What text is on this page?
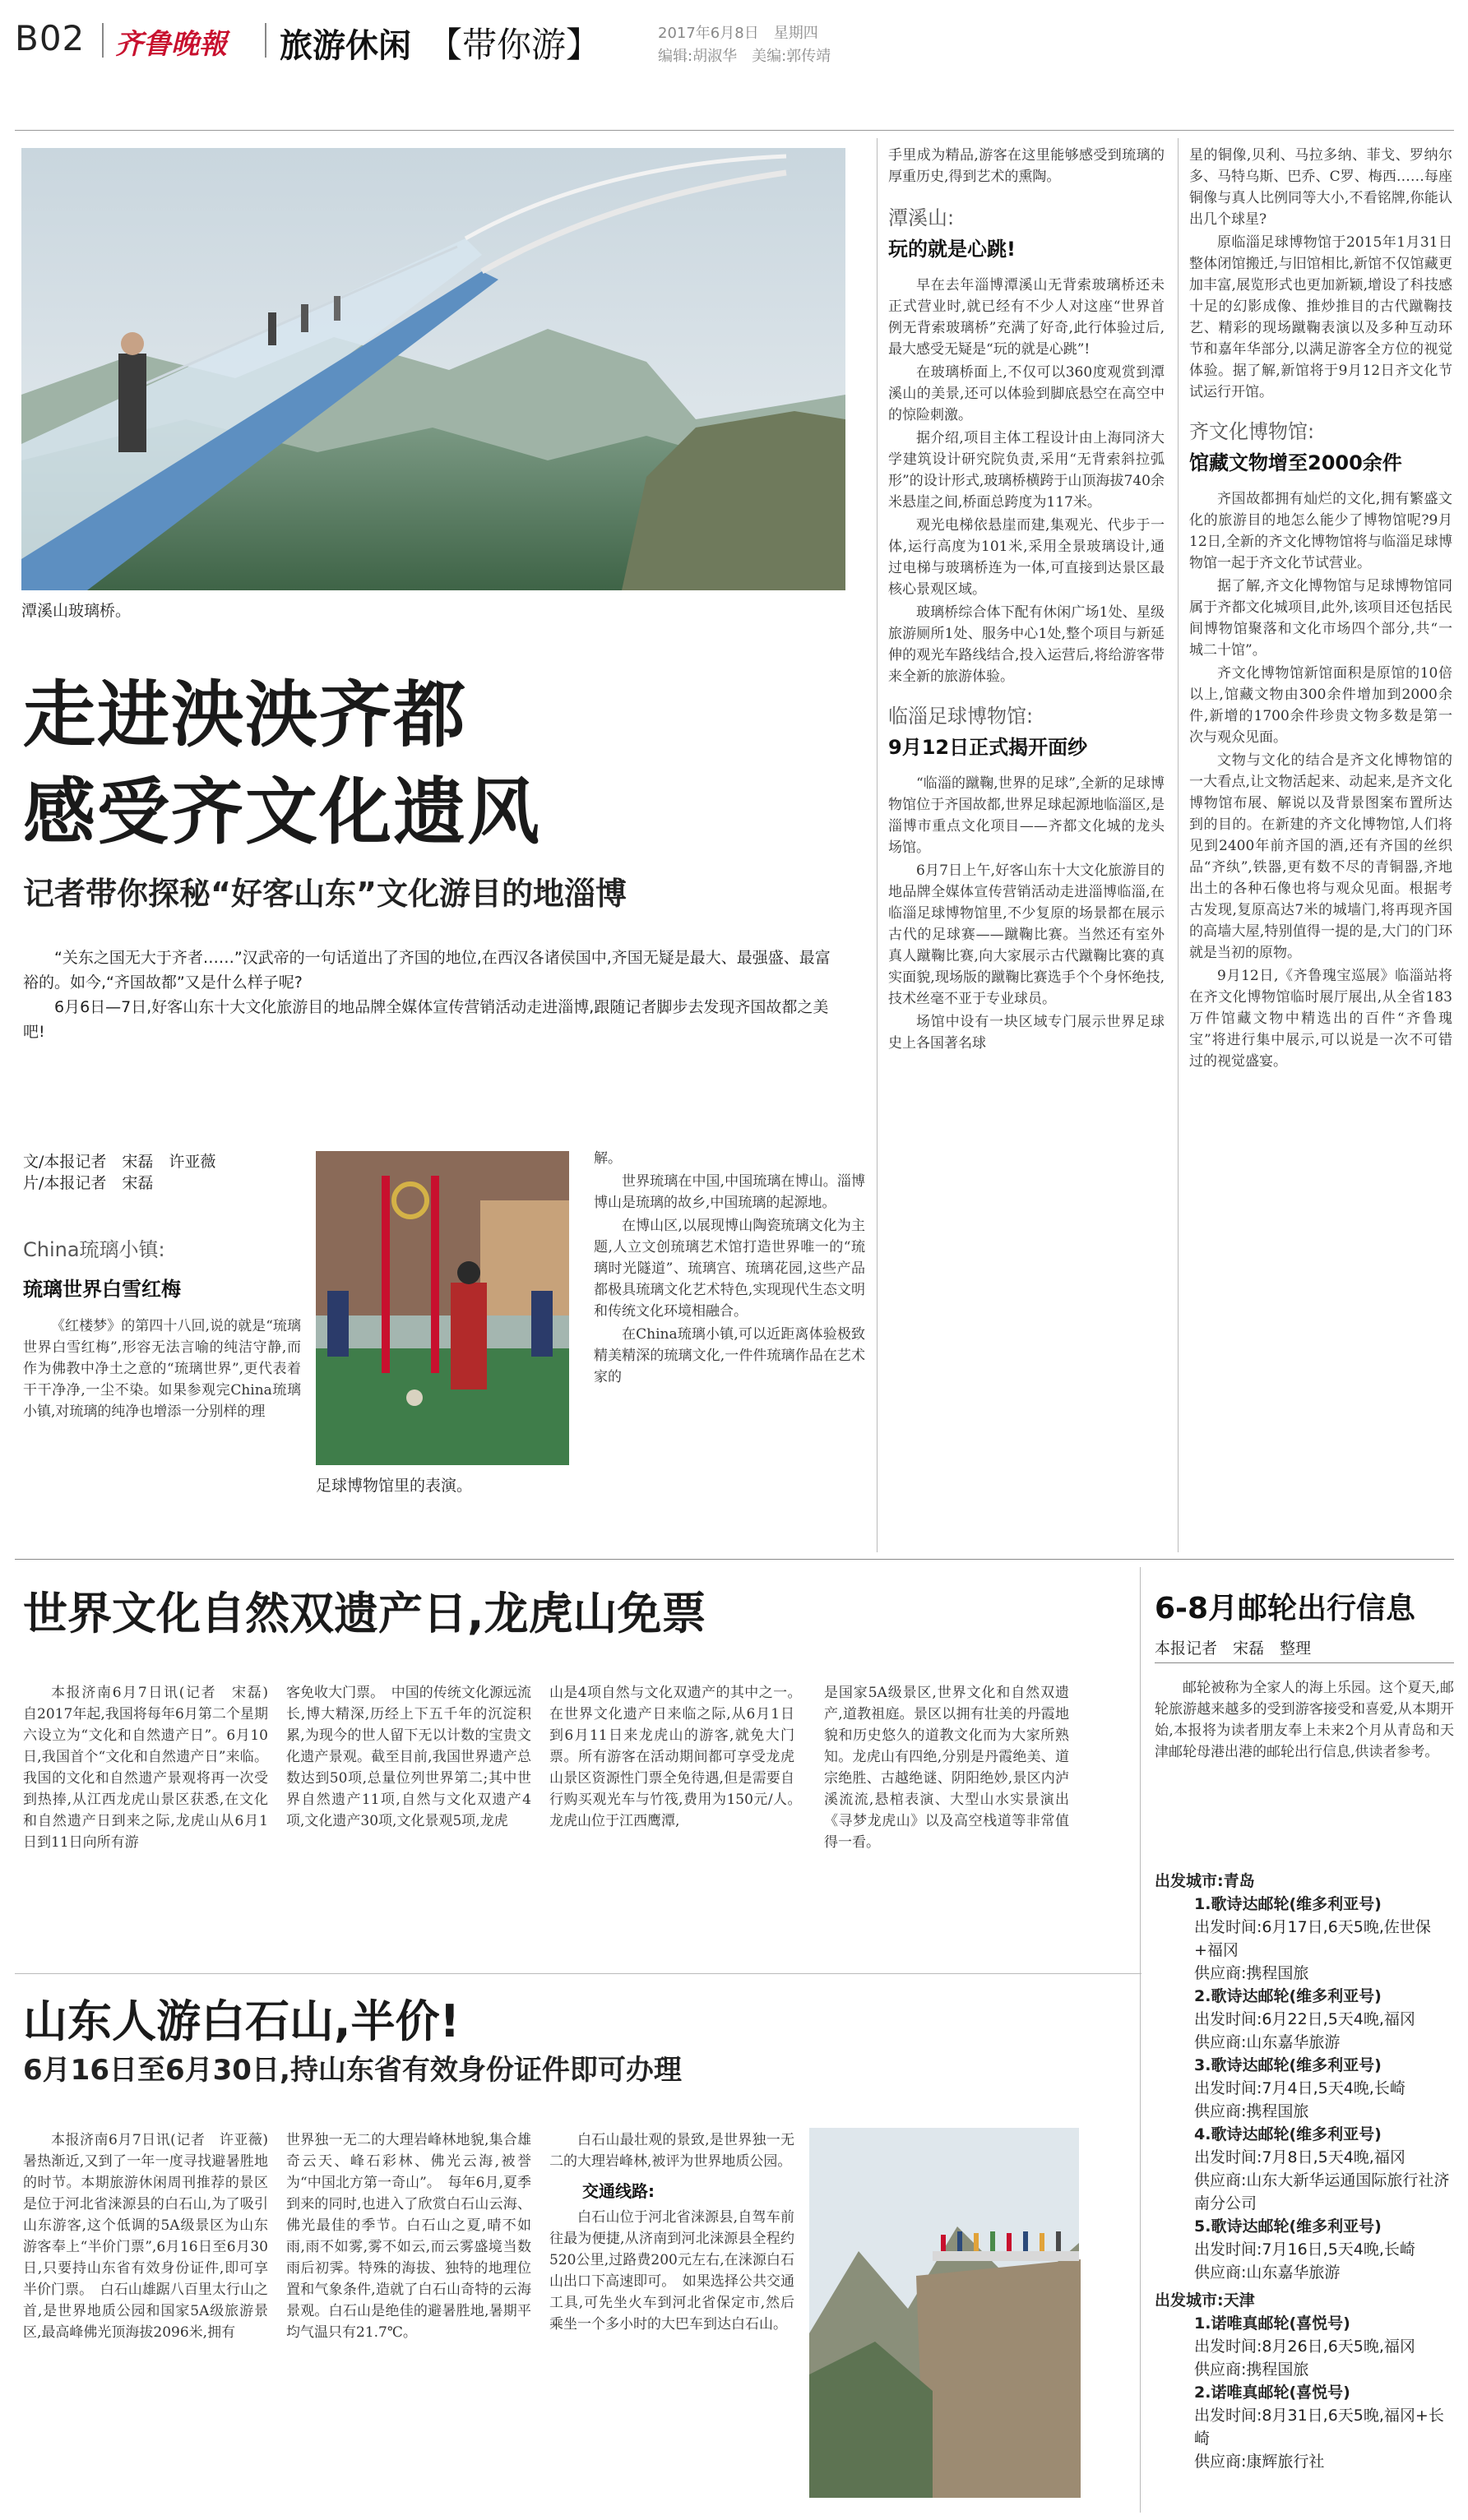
B02 齐鲁晚報 旅游休闲 【带你游】	2017年6月8日　星期四
编辑:胡淑华　美编:郭传靖
潭溪山玻璃桥。
走进泱泱齐都
感受齐文化遗风
记者带你探秘“好客山东”文化游目的地淄博

“关东之国无大于齐者……”汉武帝的一句话道出了齐国的地位,在西汉各诸侯国中,齐国无疑是最大、最强盛、最富裕的。如今,“齐国故都”又是什么样子呢?

6月6日—7日,好客山东十大文化旅游目的地品牌全媒体宣传营销活动走进淄博,跟随记者脚步去发现齐国故都之美吧!

文/本报记者　宋磊　许亚薇
片/本报记者　宋磊
China琉璃小镇:
琉璃世界白雪红梅

《红楼梦》的第四十八回,说的就是“琉璃世界白雪红梅”,形容无法言喻的纯洁守静,而作为佛教中净土之意的“琉璃世界”,更代表着干干净净,一尘不染。如果参观完China琉璃小镇,对琉璃的纯净也增添一分别样的理

足球博物馆里的表演。

解。

世界琉璃在中国,中国琉璃在博山。淄博博山是琉璃的故乡,中国琉璃的起源地。

在博山区,以展现博山陶瓷琉璃文化为主题,人立文创琉璃艺术馆打造世界唯一的“琉璃时光隧道”、琉璃宫、琉璃花园,这些产品都极具琉璃文化艺术特色,实现现代生态文明和传统文化环境相融合。

在China琉璃小镇,可以近距离体验极致精美精深的琉璃文化,一件件琉璃作品在艺术家的

手里成为精品,游客在这里能够感受到琉璃的厚重历史,得到艺术的熏陶。

潭溪山:
玩的就是心跳!

早在去年淄博潭溪山无背索玻璃桥还未正式营业时,就已经有不少人对这座“世界首例无背索玻璃桥”充满了好奇,此行体验过后,最大感受无疑是“玩的就是心跳”!

在玻璃桥面上,不仅可以360度观赏到潭溪山的美景,还可以体验到脚底悬空在高空中的惊险刺激。

据介绍,项目主体工程设计由上海同济大学建筑设计研究院负责,采用“无背索斜拉弧形”的设计形式,玻璃桥横跨于山顶海拔740余米悬崖之间,桥面总跨度为117米。

观光电梯依悬崖而建,集观光、代步于一体,运行高度为101米,采用全景玻璃设计,通过电梯与玻璃桥连为一体,可直接到达景区最核心景观区域。

玻璃桥综合体下配有休闲广场1处、星级旅游厕所1处、服务中心1处,整个项目与新延伸的观光车路线结合,投入运营后,将给游客带来全新的旅游体验。

临淄足球博物馆:
9月12日正式揭开面纱

“临淄的蹴鞠,世界的足球”,全新的足球博物馆位于齐国故都,世界足球起源地临淄区,是淄博市重点文化项目——齐都文化城的龙头场馆。

6月7日上午,好客山东十大文化旅游目的地品牌全媒体宣传营销活动走进淄博临淄,在临淄足球博物馆里,不少复原的场景都在展示古代的足球赛——蹴鞠比赛。当然还有室外真人蹴鞠比赛,向大家展示古代蹴鞠比赛的真实面貌,现场版的蹴鞠比赛选手个个身怀绝技,技术丝毫不亚于专业球员。

场馆中设有一块区域专门展示世界足球史上各国著名球

星的铜像,贝利、马拉多纳、菲戈、罗纳尔多、马特乌斯、巴乔、C罗、梅西……每座铜像与真人比例同等大小,不看铭牌,你能认出几个球星?

原临淄足球博物馆于2015年1月31日整体闭馆搬迁,与旧馆相比,新馆不仅馆藏更加丰富,展览形式也更加新颖,增设了科技感十足的幻影成像、推炒推目的古代蹴鞠技艺、精彩的现场蹴鞠表演以及多种互动环节和嘉年华部分,以满足游客全方位的视觉体验。据了解,新馆将于9月12日齐文化节试运行开馆。

齐文化博物馆:
馆藏文物增至2000余件

齐国故都拥有灿烂的文化,拥有繁盛文化的旅游目的地怎么能少了博物馆呢?9月12日,全新的齐文化博物馆将与临淄足球博物馆一起于齐文化节试营业。

据了解,齐文化博物馆与足球博物馆同属于齐都文化城项目,此外,该项目还包括民间博物馆聚落和文化市场四个部分,共“一城二十馆”。

齐文化博物馆新馆面积是原馆的10倍以上,馆藏文物由300余件增加到2000余件,新增的1700余件珍贵文物多数是第一次与观众见面。

文物与文化的结合是齐文化博物馆的一大看点,让文物活起来、动起来,是齐文化博物馆布展、解说以及背景图案布置所达到的目的。在新建的齐文化博物馆,人们将见到2400年前齐国的酒,还有齐国的丝织品“齐纨”,铁器,更有数不尽的青铜器,齐地出土的各种石像也将与观众见面。根据考古发现,复原高达7米的城墙门,将再现齐国的高墙大屋,特别值得一提的是,大门的门环就是当初的原物。

9月12日,《齐鲁瑰宝巡展》临淄站将在齐文化博物馆临时展厅展出,从全省183万件馆藏文物中精选出的百件“齐鲁瑰宝”将进行集中展示,可以说是一次不可错过的视觉盛宴。

世界文化自然双遗产日,龙虎山免票

本报济南6月7日讯(记者　宋磊)　自2017年起,我国将每年6月第二个星期六设立为“文化和自然遗产日”。6月10日,我国首个“文化和自然遗产日”来临。我国的文化和自然遗产景观将再一次受到热捧,从江西龙虎山景区获悉,在文化和自然遗产日到来之际,龙虎山从6月1日到11日向所有游

客免收大门票。　中国的传统文化源远流长,博大精深,历经上下五千年的沉淀积累,为现今的世人留下无以计数的宝贵文化遗产景观。截至目前,我国世界遗产总数达到50项,总量位列世界第二;其中世界自然遗产11项,自然与文化双遗产4项,文化遗产30项,文化景观5项,龙虎

山是4项自然与文化双遗产的其中之一。　在世界文化遗产日来临之际,从6月1日到6月11日来龙虎山的游客,就免大门票。所有游客在活动期间都可享受龙虎山景区资源性门票全免待遇,但是需要自行购买观光车与竹筏,费用为150元/人。　龙虎山位于江西鹰潭,

是国家5A级景区,世界文化和自然双遗产,道教祖庭。景区以拥有壮美的丹霞地貌和历史悠久的道教文化而为大家所熟知。龙虎山有四绝,分别是丹霞绝美、道宗绝胜、古越绝谜、阴阳绝妙,景区内泸溪流流,悬棺表演、大型山水实景演出《寻梦龙虎山》以及高空栈道等非常值得一看。

山东人游白石山,半价!
6月16日至6月30日,持山东省有效身份证件即可办理

本报济南6月7日讯(记者　许亚薇)　暑热渐近,又到了一年一度寻找避暑胜地的时节。本期旅游休闲周刊推荐的景区是位于河北省涞源县的白石山,为了吸引山东游客,这个低调的5A级景区为山东游客奉上“半价门票”,6月16日至6月30日,只要持山东省有效身份证件,即可享半价门票。　白石山雄踞八百里太行山之首,是世界地质公园和国家5A级旅游景区,最高峰佛光顶海拔2096米,拥有

世界独一无二的大理岩峰林地貌,集合雄奇云天、峰石彩林、佛光云海,被誉为“中国北方第一奇山”。　每年6月,夏季到来的同时,也进入了欣赏白石山云海、佛光最佳的季节。白石山之夏,晴不如雨,雨不如雾,雾不如云,而云雾盛境当数雨后初霁。特殊的海拔、独特的地理位置和气象条件,造就了白石山奇特的云海景观。白石山是绝佳的避暑胜地,暑期平均气温只有21.7℃。

白石山最壮观的景致,是世界独一无二的大理岩峰林,被评为世界地质公园。

交通线路:

白石山位于河北省涞源县,自驾车前往最为便捷,从济南到河北涞源县全程约520公里,过路费200元左右,在涞源白石山出口下高速即可。　如果选择公共交通工具,可先坐火车到河北省保定市,然后乘坐一个多小时的大巴车到达白石山。

6-8月邮轮出行信息
本报记者　宋磊　整理

邮轮被称为全家人的海上乐园。这个夏天,邮轮旅游越来越多的受到游客接受和喜爱,从本期开始,本报将为读者朋友奉上未来2个月从青岛和天津邮轮母港出港的邮轮出行信息,供读者参考。

出发城市:青岛
1.歌诗达邮轮(维多利亚号)
出发时间:6月17日,6天5晚,佐世保+福冈
供应商:携程国旅
2.歌诗达邮轮(维多利亚号)
出发时间:6月22日,5天4晚,福冈
供应商:山东嘉华旅游
3.歌诗达邮轮(维多利亚号)
出发时间:7月4日,5天4晚,长崎
供应商:携程国旅
4.歌诗达邮轮(维多利亚号)
出发时间:7月8日,5天4晚,福冈
供应商:山东大新华运通国际旅行社济南分公司
5.歌诗达邮轮(维多利亚号)
出发时间:7月16日,5天4晚,长崎
供应商:山东嘉华旅游
出发城市:天津
1.诺唯真邮轮(喜悦号)
出发时间:8月26日,6天5晚,福冈
供应商:携程国旅
2.诺唯真邮轮(喜悦号)
出发时间:8月31日,6天5晚,福冈+长崎
供应商:康辉旅行社
